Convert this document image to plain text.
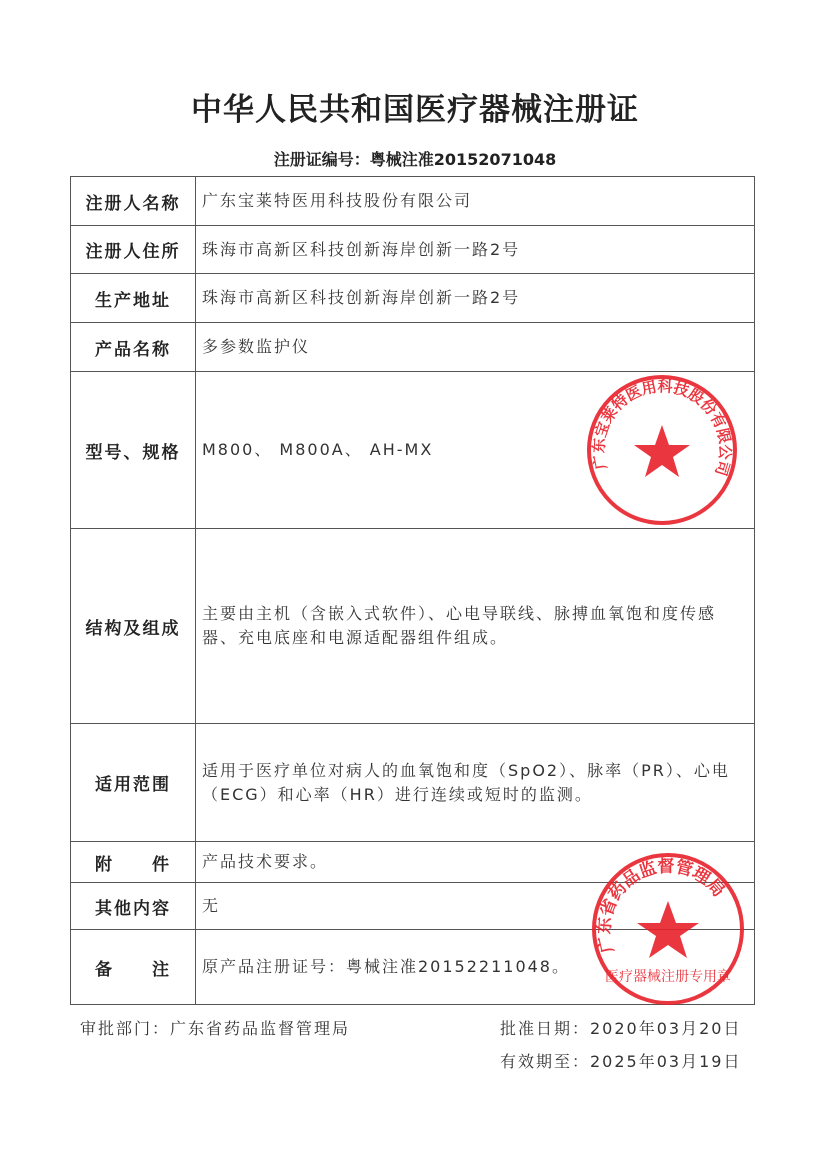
中华人民共和国医疗器械注册证
注册证编号：粤械注准20152071048
注册人名称	广东宝莱特医用科技股份有限公司
注册人住所	珠海市高新区科技创新海岸创新一路2号
生产地址	珠海市高新区科技创新海岸创新一路2号
产品名称	多参数监护仪
型号、规格	M800、 M800A、 AH-MX
结构及组成	主要由主机（含嵌入式软件）、心电导联线、脉搏血氧饱和度传感器、充电底座和电源适配器组件组成。
适用范围	适用于医疗单位对病人的血氧饱和度（SpO2）、脉率（PR）、心电（ECG）和心率（HR）进行连续或短时的监测。
附　　件	产品技术要求。
其他内容	无
备　　注	原产品注册证号：粤械注准20152211048。
审批部门：广东省药品监督管理局	批准日期：2020年03月20日
有效期至：2025年03月19日
广东宝莱特医用科技股份有限公司
广东省药品监督管理局
医疗器械注册专用章
